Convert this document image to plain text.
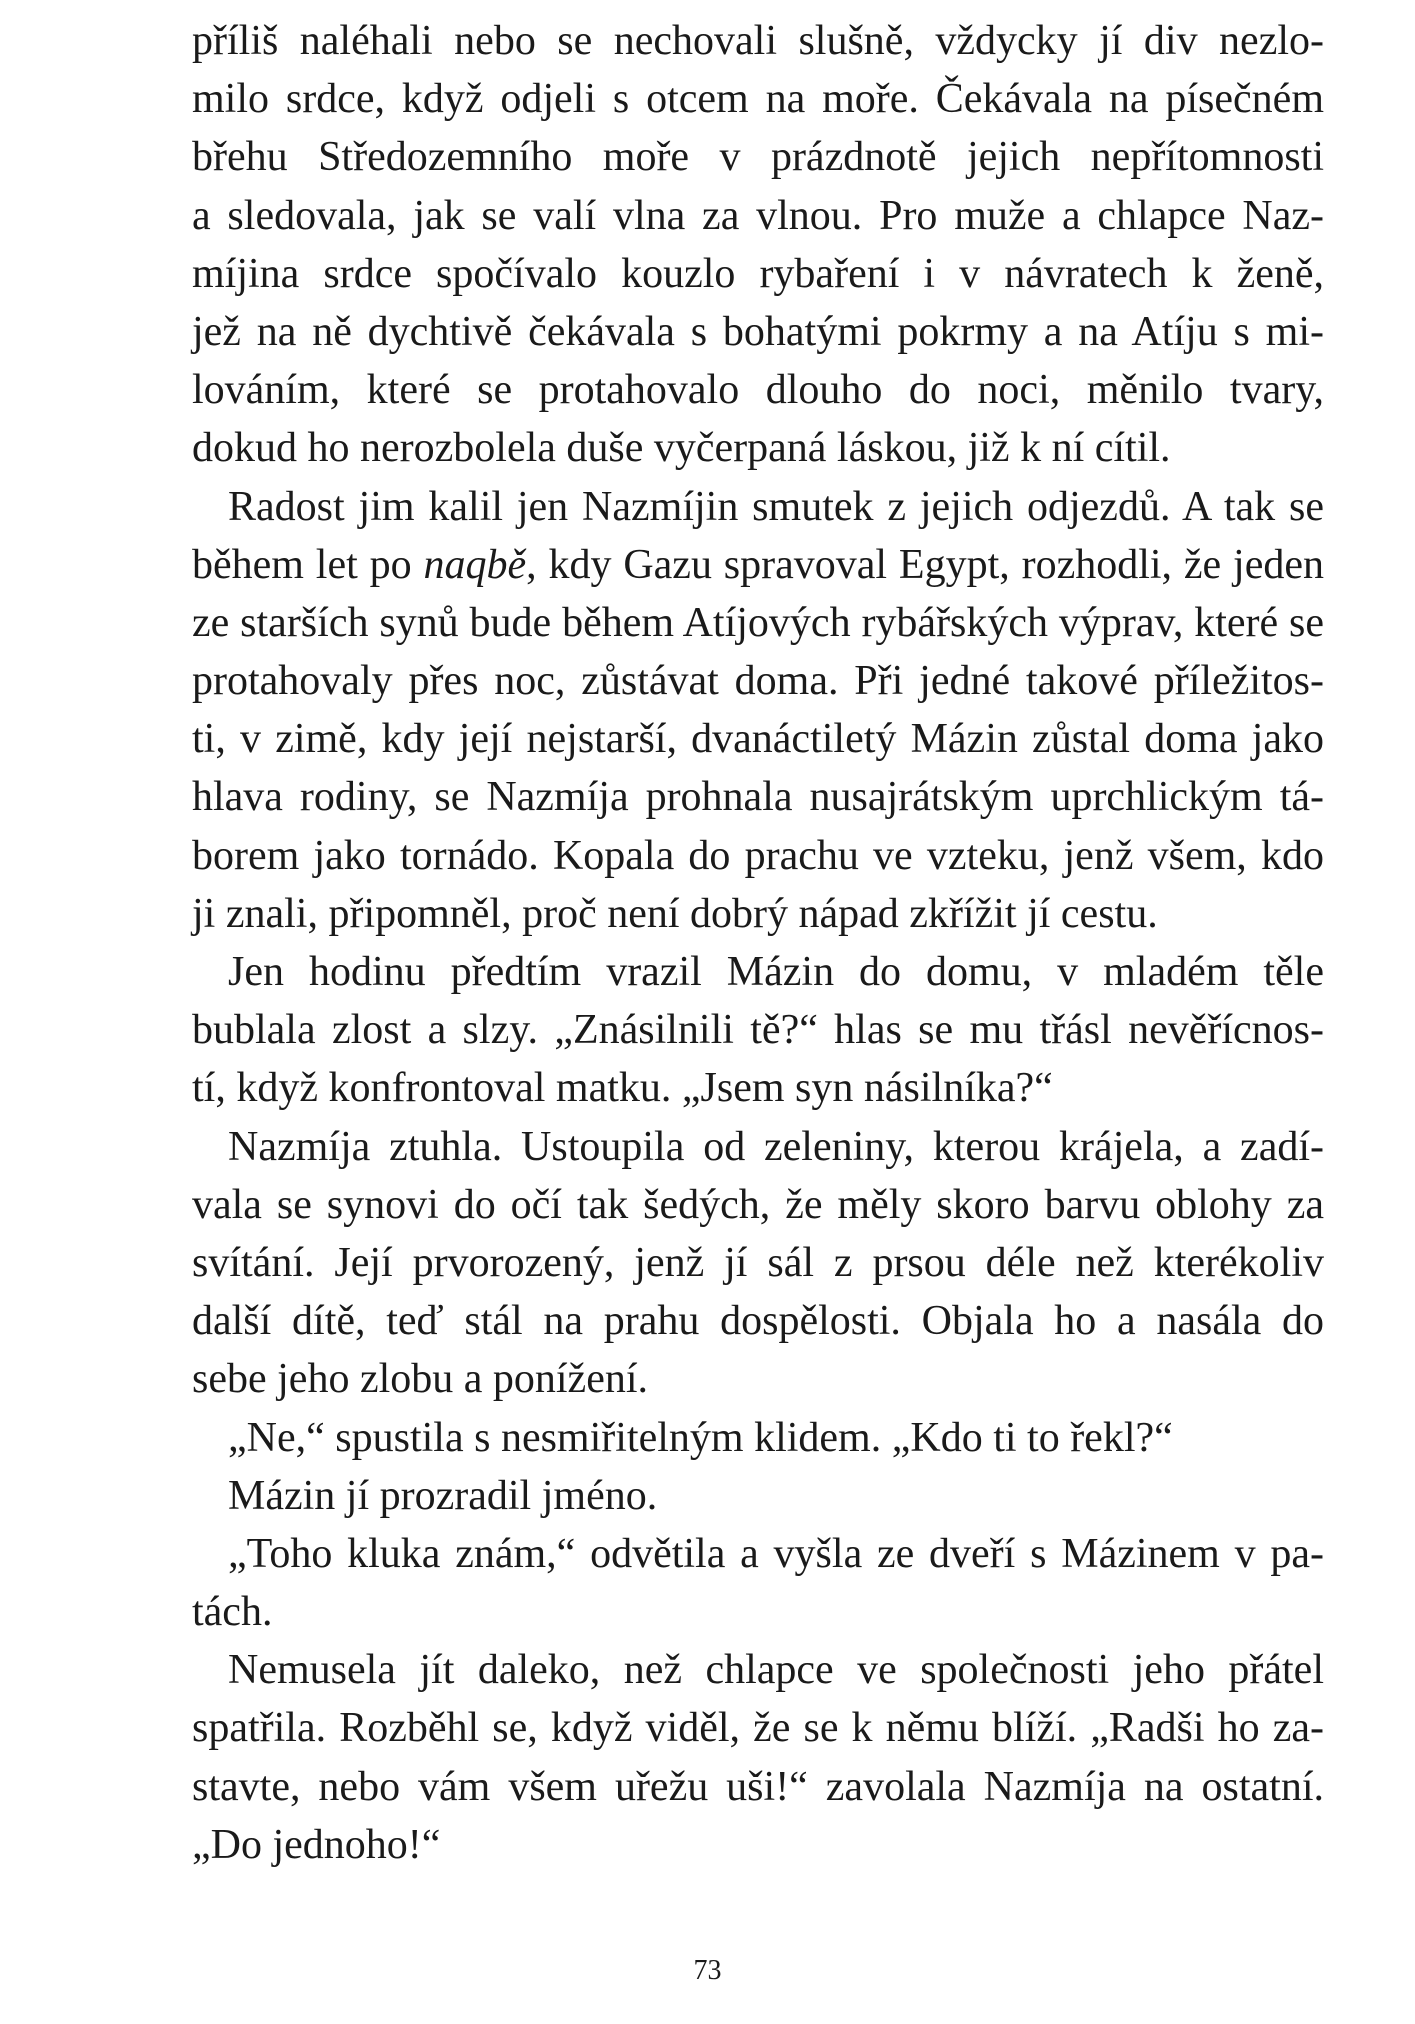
příliš naléhali nebo se nechovali slušně, vždycky jí div nezlo-
milo srdce, když odjeli s otcem na moře. Čekávala na písečném
břehu Středozemního moře v prázdnotě jejich nepřítomnosti
a sledovala, jak se valí vlna za vlnou. Pro muže a chlapce Naz-
míjina srdce spočívalo kouzlo rybaření i v návratech k ženě,
jež na ně dychtivě čekávala s bohatými pokrmy a na Atíju s mi-
lováním, které se protahovalo dlouho do noci, měnilo tvary,
dokud ho nerozbolela duše vyčerpaná láskou, již k ní cítil.
Radost jim kalil jen Nazmíjin smutek z jejich odjezdů. A tak se
během let po naqbě, kdy Gazu spravoval Egypt, rozhodli, že jeden
ze starších synů bude během Atíjových rybářských výprav, které se
protahovaly přes noc, zůstávat doma. Při jedné takové příležitos-
ti, v zimě, kdy její nejstarší, dvanáctiletý Mázin zůstal doma jako
hlava rodiny, se Nazmíja prohnala nusajrátským uprchlickým tá-
borem jako tornádo. Kopala do prachu ve vzteku, jenž všem, kdo
ji znali, připomněl, proč není dobrý nápad zkřížit jí cestu.
Jen hodinu předtím vrazil Mázin do domu, v mladém těle
bublala zlost a slzy. „Znásilnili tě?“ hlas se mu třásl nevěřícnos-
tí, když konfrontoval matku. „Jsem syn násilníka?“
Nazmíja ztuhla. Ustoupila od zeleniny, kterou krájela, a zadí-
vala se synovi do očí tak šedých, že měly skoro barvu oblohy za
svítání. Její prvorozený, jenž jí sál z prsou déle než kterékoliv
další dítě, teď stál na prahu dospělosti. Objala ho a nasála do
sebe jeho zlobu a ponížení.
„Ne,“ spustila s nesmiřitelným klidem. „Kdo ti to řekl?“
Mázin jí prozradil jméno.
„Toho kluka znám,“ odvětila a vyšla ze dveří s Mázinem v pa-
tách.
Nemusela jít daleko, než chlapce ve společnosti jeho přátel
spatřila. Rozběhl se, když viděl, že se k němu blíží. „Radši ho za-
stavte, nebo vám všem uřežu uši!“ zavolala Nazmíja na ostatní.
„Do jednoho!“
73
